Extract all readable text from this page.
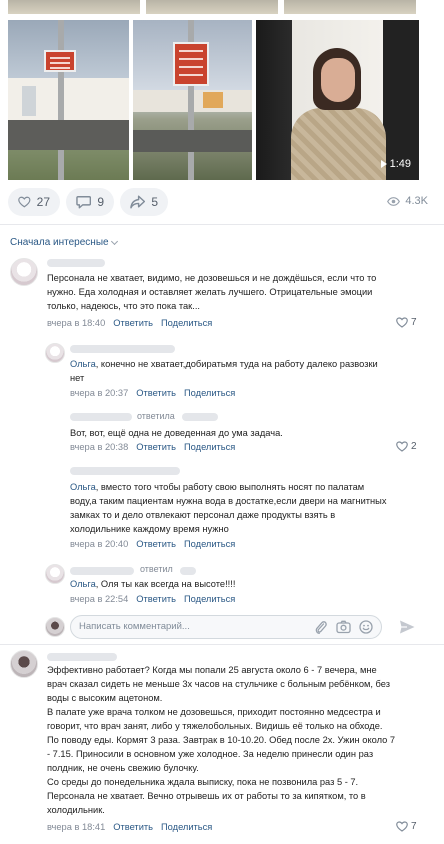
1:49
27	9	5	4.3K
Сначала интересные
Персонала не хватает, видимо, не дозовешься и не дождёшься, если что то нужно. Еда холодная и оставляет желать лучшего. Отрицательные эмоции только, надеюсь, что это пока так...
вчера в 18:40 Ответить Поделиться	7
Ольга, конечно не хватает,добиратьмя туда на работу далеко развозки нет
вчера в 20:37 Ответить Поделиться
ответила
Вот, вот, ещё одна не доведенная до ума задача.
вчера в 20:38 Ответить Поделиться	2
Ольга, вместо того чтобы работу свою выполнять носят по палатам воду,а таким пациентам нужна вода в достатке,если двери на магнитных замках то и дело отвлекают персонал даже продукты взять в холодильнике каждому время нужно
вчера в 20:40 Ответить Поделиться
ответил
Ольга, Оля ты как всегда на высоте!!!!
вчера в 22:54 Ответить Поделиться
Написать комментарий...
Эффективно работает? Когда мы попали 25 августа около 6 - 7 вечера, мне врач сказал сидеть не меньше 3х часов на стульчике с больным ребёнком, без воды с высоким ацетоном.
В палате уже врача толком не дозовешься, приходит постоянно медсестра и говорит, что врач занят, либо у тяжелобольных. Видишь её только на обходе.
По поводу еды. Кормят 3 раза. Завтрак в 10-10.20. Обед после 2х. Ужин около 7 - 7.15. Приносили в основном уже холодное. За неделю принесли один раз полдник, не очень свежию булочку.
Со среды до понедельника ждала выписку, пока не позвонила раз 5 - 7. Персонала не хватает. Вечно отрывешь их от работы то за кипятком, то в холодильник.
вчера в 18:41 Ответить Поделиться	7
